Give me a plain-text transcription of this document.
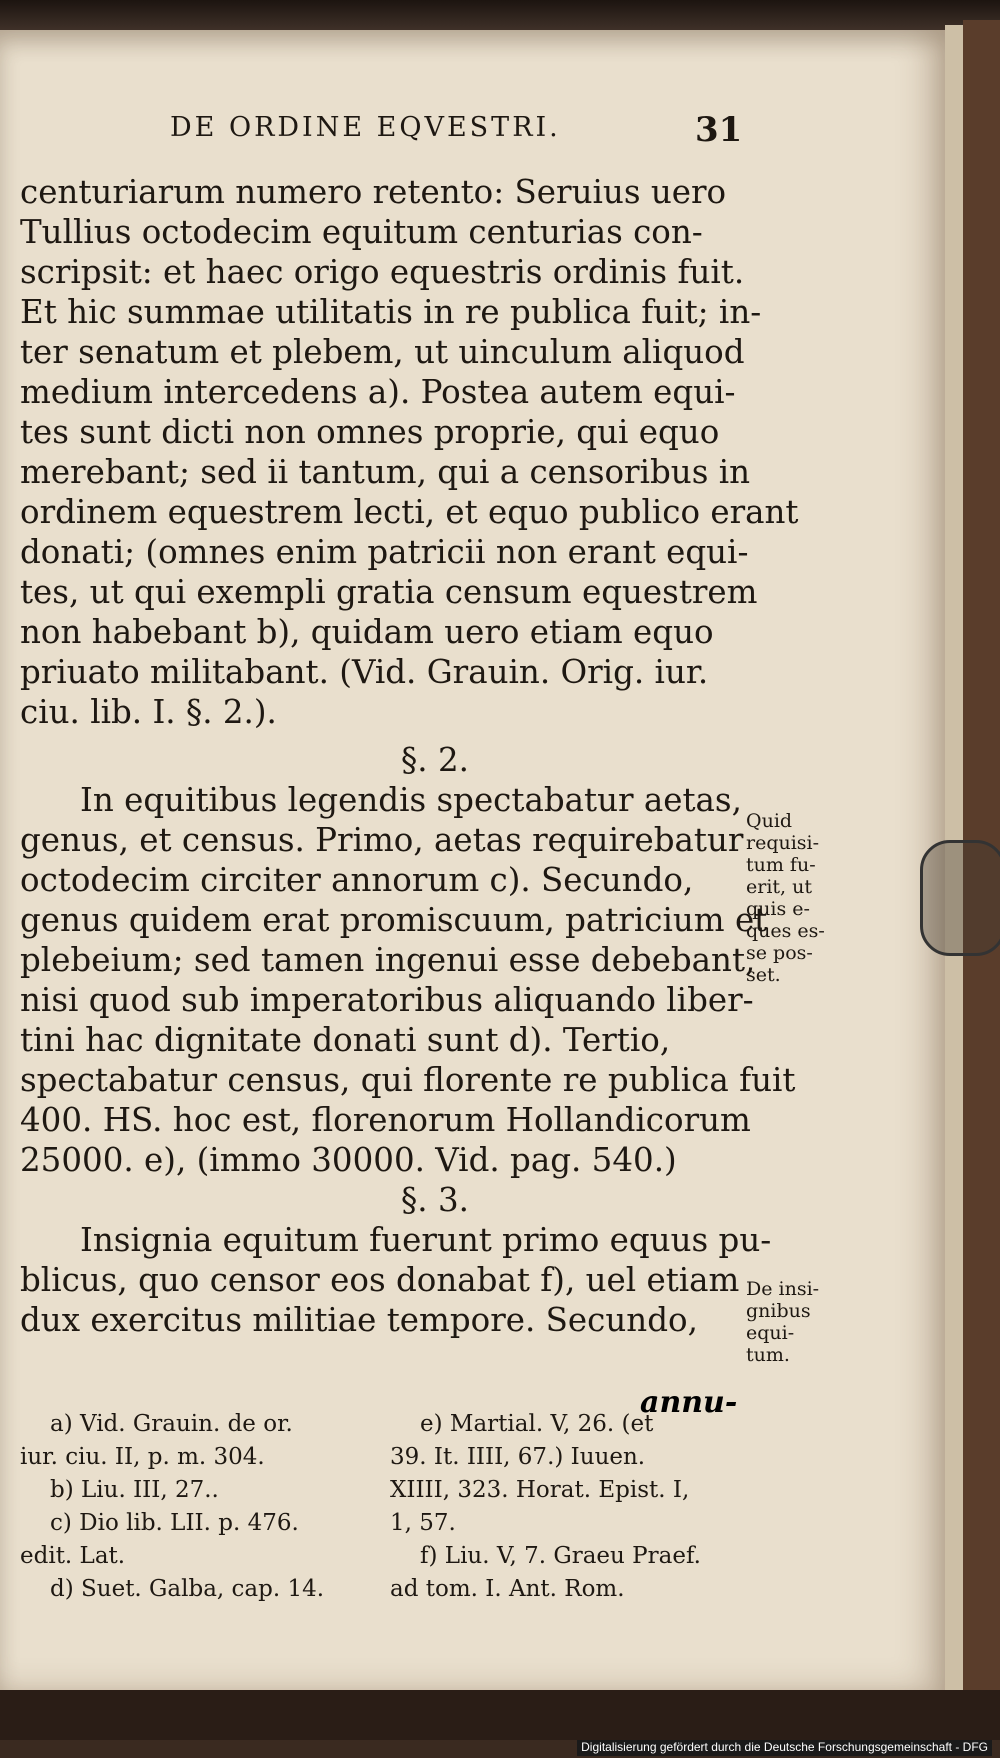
DE ORDINE EQVESTRI.	31
centuriarum numero retento: Seruius uero
Tullius octodecim equitum centurias con-
scripsit: et haec origo equestris ordinis fuit.
Et hic summae utilitatis in re publica fuit; in-
ter senatum et plebem, ut uinculum aliquod
medium intercedens a). Postea autem equi-
tes sunt dicti non omnes proprie, qui equo
merebant; sed ii tantum, qui a censoribus in
ordinem equestrem lecti, et equo publico erant
donati; (omnes enim patricii non erant equi-
tes, ut qui exempli gratia censum equestrem
non habebant b), quidam uero etiam equo
priuato militabant. (Vid. Grauin. Orig. iur.
ciu. lib. I. §. 2.).
§. 2.
In equitibus legendis spectabatur aetas,
genus, et census. Primo, aetas requirebatur
octodecim circiter annorum c). Secundo,
genus quidem erat promiscuum, patricium et
plebeium; sed tamen ingenui esse debebant,
nisi quod sub imperatoribus aliquando liber-
tini hac dignitate donati sunt d). Tertio,
spectabatur census, qui florente re publica fuit
400. HS. hoc est, florenorum Hollandicorum
25000. e), (immo 30000. Vid. pag. 540.)
§. 3.
Insignia equitum fuerunt primo equus pu-
blicus, quo censor eos donabat f), uel etiam
dux exercitus militiae tempore. Secundo,
Quid
requisi-
tum fu-
erit, ut
quis e-
ques es-
se pos-
set.
De insi-
gnibus
equi-
tum.
annu-
a) Vid. Grauin. de or.
iur. ciu. II, p. m. 304.
b) Liu. III, 27..
c) Dio lib. LII. p. 476.
edit. Lat.
d) Suet. Galba, cap. 14.
e) Martial. V, 26. (et
39. It. IIII, 67.) Iuuen.
XIIII, 323. Horat. Epist. I,
1, 57.
f) Liu. V, 7. Graeu Praef.
ad tom. I. Ant. Rom.
Digitalisierung gefördert durch die Deutsche Forschungsgemeinschaft - DFG
